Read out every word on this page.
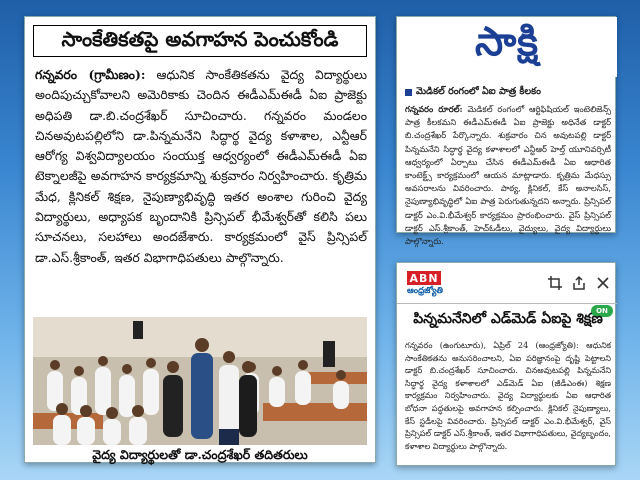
సాంకేతికతపై అవగాహన పెంచుకోండి
గన్నవరం (గ్రామీణం): ఆధునిక సాంకేతికతను వైద్య విద్యార్థులు అందిపుచ్చుకోవాలని అమెరికాకు చెందిన ఈడీఎమ్‌ఈడీ ఏఐ ప్రాజెక్టు అధిపతి డా.బి.చంద్రశేఖర్ సూచించారు. గన్నవరం మండలం చినఅవుటపల్లిలోని డా.పిన్నమనేని సిద్ధార్థ వైద్య కళాశాల, ఎన్టీఆర్ ఆరోగ్య విశ్వవిద్యాలయం సంయుక్త ఆధ్వర్యంలో ఈడీఎమ్‌ఈడీ ఏఐ టెక్నాలజీపై అవగాహన కార్యక్రమాన్ని శుక్రవారం నిర్వహించారు. కృత్రిమ మేధ, క్లినికల్ శిక్షణ, నైపుణ్యాభివృద్ధి ఇతర అంశాల గురించి వైద్య విద్యార్థులు, అధ్యాపక బృందానికి ప్రిన్సిపల్ భీమేశ్వర్‌తో కలిసి పలు సూచనలు, సలహాలు అందజేశారు. కార్యక్రమంలో వైస్ ప్రిన్సిపల్ డా.ఎస్.శ్రీకాంత్, ఇతర విభాగాధిపతులు పాల్గొన్నారు.
వైద్య విద్యార్థులతో డా.చంద్రశేఖర్ తదితరులు
సాక్షి
మెడికల్ రంగంలో ఏఐ పాత్ర కీలకం
గన్నవరం రూరల్: మెడికల్ రంగంలో ఆర్టిఫిషియల్ ఇంటెలిజెన్స్ పాత్ర కీలకమని ఈడీఎమ్‌ఈడీ ఏఐ ప్రాజెక్టు అధినేత డాక్టర్ బి.చంద్రశేఖర్ పేర్కొన్నారు. శుక్రవారం చిన అవుటపల్లి డాక్టర్ పిన్నమనేని సిద్ధార్థ వైద్య కళాశాలలో ఎన్టీఆర్ హెల్త్ యూనివర్సిటీ ఆధ్వర్యంలో ఏర్పాటు చేసిన ఈడీఎమ్‌ఈడీ ఏఐ ఆధారిత కాంటెక్ట్స్ కార్యక్రమంలో ఆయన మాట్లాడారు. కృత్రిమ మేధస్సు అవసరాలను వివరించారు. పాఠ్య, క్లినికల్, కేస్ అనాలసిస్, నైపుణ్యాభివృద్ధిలో ఏఐ పాత్ర పెరుగుతున్నదని అన్నారు. ప్రిన్సిపల్ డాక్టర్ ఎం.వి.భీమేశ్వర్ కార్యక్రమం ప్రారంభించారు. వైస్ ప్రిన్సిపల్ డాక్టర్ ఎస్.శ్రీకాంత్, హెచ్‌ఓడీలు, వైద్యులు, వైద్య విద్యార్థులు పాల్గొన్నారు.
ABN
ఆంధ్రజ్యోతి
ON
పిన్నమనేనిలో ఎడ్‌మెడ్ ఏఐపై శిక్షణ
గన్నవరం (ఉంగుటూరు), ఏప్రిల్ 24 (ఆంధ్రజ్యోతి): ఆధునిక సాంకేతికతను అనుసరించాలని, ఏఐ పరిజ్ఞానంపై దృష్టి పెట్టాలని డాక్టర్ బి.చంద్రశేఖర్ సూచించారు. చినఅవుటపల్లి పిన్నమనేని సిద్ధార్థ వైద్య కళాశాలలో ఎడ్‌మెడ్ ఏఐ (జీడీఎంఈ) శిక్షణ కార్యక్రమం నిర్వహించారు. వైద్య విద్యార్థులకు ఏఐ ఆధారిత బోధనా పద్ధతులపై అవగాహన కల్పించారు. క్లినికల్ నైపుణ్యాలు, కేస్ స్టడీలపై వివరించారు. ప్రిన్సిపల్ డాక్టర్ ఎం.వి.భీమేశ్వర్, వైస్ ప్రిన్సిపల్ డాక్టర్ ఎస్.శ్రీకాంత్, ఇతర విభాగాధిపతులు, వైద్యబృందం, కళాశాల విద్యార్థులు పాల్గొన్నారు.
